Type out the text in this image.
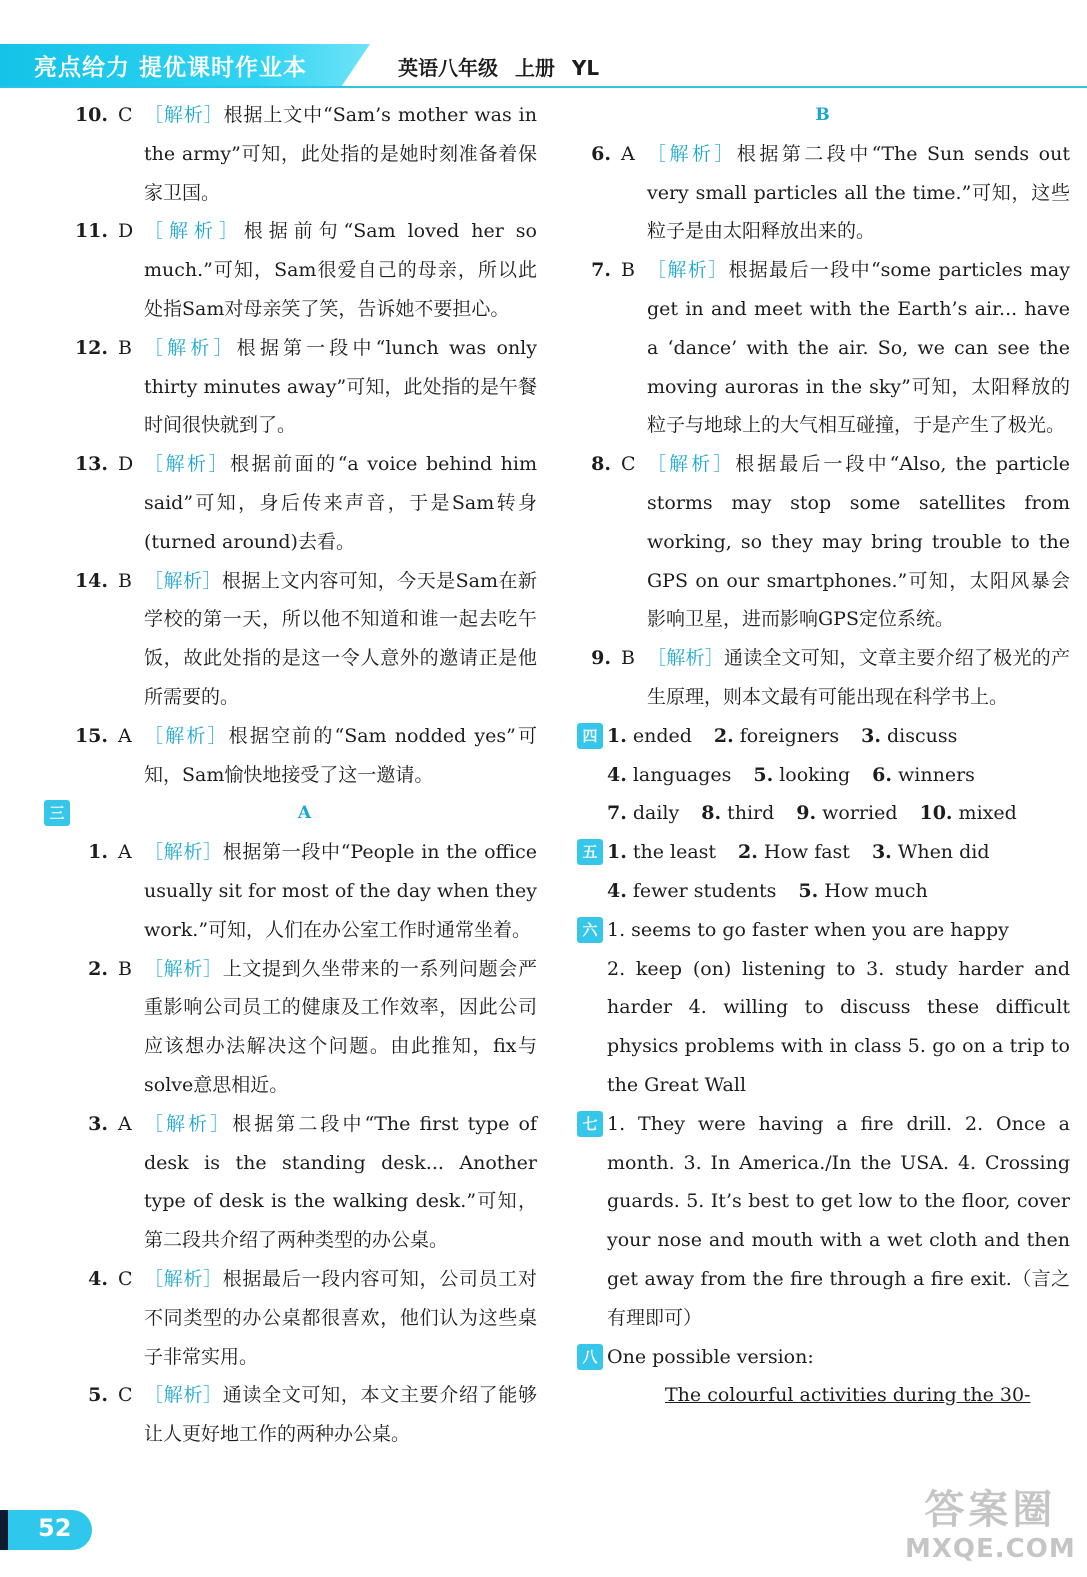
亮点给力 提优课时作业本	英语八年级 上册 YL
10. C ［解析］根据上文中“Sam’s mother was in the army”可知，此处指的是她时刻准备着保家卫国。
11. D ［解析］根据前句“Sam loved her so much.”可知，Sam很爱自己的母亲，所以此处指Sam对母亲笑了笑，告诉她不要担心。
12. B ［解析］根据第一段中“lunch was only thirty minutes away”可知，此处指的是午餐时间很快就到了。
13. D ［解析］根据前面的“a voice behind him said”可知，身后传来声音，于是Sam转身(turned around)去看。
14. B ［解析］根据上文内容可知，今天是Sam在新学校的第一天，所以他不知道和谁一起去吃午饭，故此处指的是这一令人意外的邀请正是他所需要的。
15. A ［解析］根据空前的“Sam nodded yes”可知，Sam愉快地接受了这一邀请。
三	A
1. A ［解析］根据第一段中“People in the office usually sit for most of the day when they work.”可知，人们在办公室工作时通常坐着。
2. B ［解析］上文提到久坐带来的一系列问题会严重影响公司员工的健康及工作效率，因此公司应该想办法解决这个问题。由此推知，fix与solve意思相近。
3. A ［解析］根据第二段中“The first type of desk is the standing desk... Another type of desk is the walking desk.”可知，第二段共介绍了两种类型的办公桌。
4. C ［解析］根据最后一段内容可知，公司员工对不同类型的办公桌都很喜欢，他们认为这些桌子非常实用。
5. C ［解析］通读全文可知，本文主要介绍了能够让人更好地工作的两种办公桌。
B
6. A ［解析］根据第二段中“The Sun sends out very small particles all the time.”可知，这些粒子是由太阳释放出来的。
7. B ［解析］根据最后一段中“some particles may get in and meet with the Earth’s air... have a ‘dance’ with the air. So, we can see the moving auroras in the sky”可知，太阳释放的粒子与地球上的大气相互碰撞，于是产生了极光。
8. C ［解析］根据最后一段中“Also, the particle storms may stop some satellites from working, so they may bring trouble to the GPS on our smartphones.”可知，太阳风暴会影响卫星，进而影响GPS定位系统。
9. B ［解析］通读全文可知，文章主要介绍了极光的产生原理，则本文最有可能出现在科学书上。
四 1. ended 2. foreigners 3. discuss
4. languages 5. looking 6. winners
7. daily 8. third 9. worried 10. mixed
五 1. the least 2. How fast 3. When did
4. fewer students 5. How much
六 1. seems to go faster when you are happy
2. keep (on) listening to 3. study harder and harder 4. willing to discuss these difficult physics problems with in class 5. go on a trip to the Great Wall
七 1. They were having a fire drill. 2. Once a month. 3. In America./In the USA. 4. Crossing guards. 5. It’s best to get low to the floor, cover your nose and mouth with a wet cloth and then get away from the fire through a fire exit.（言之有理即可）
八 One possible version:
The colourful activities during the 30-
52	答案圈
MXQE.COM
